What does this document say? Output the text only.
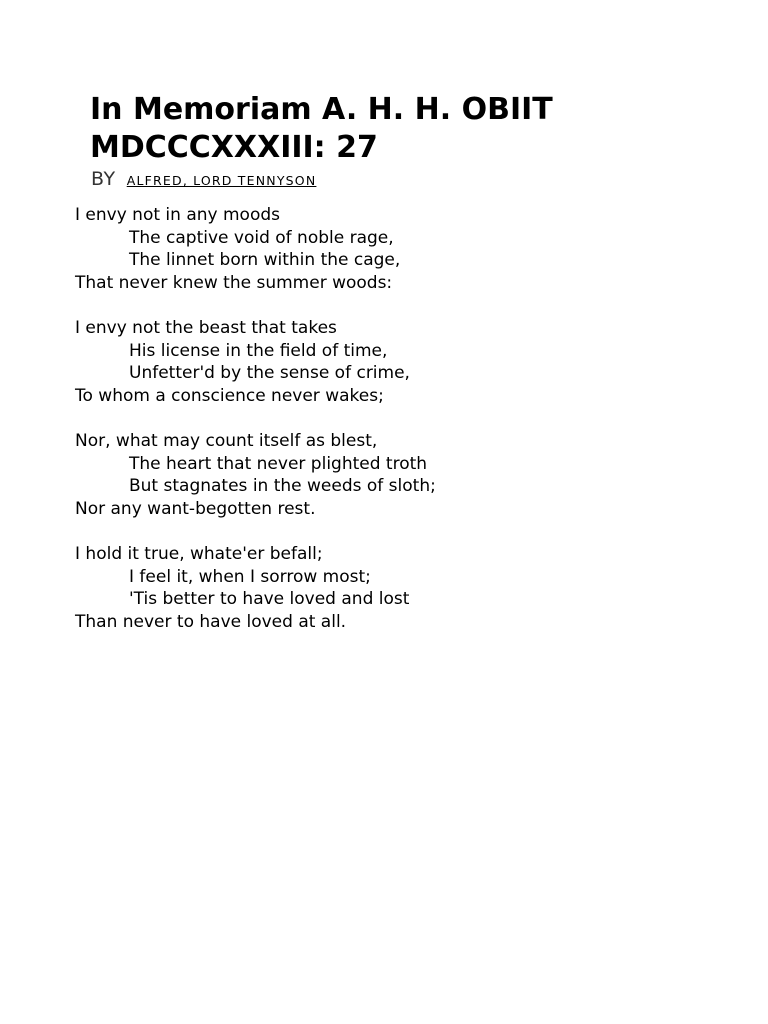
In Memoriam A. H. H. OBIIT
MDCCCXXXIII: 27
BY ALFRED, LORD TENNYSON
I envy not in any moods
The captive void of noble rage,
The linnet born within the cage,
That never knew the summer woods:
I envy not the beast that takes
His license in the field of time,
Unfetter'd by the sense of crime,
To whom a conscience never wakes;
Nor, what may count itself as blest,
The heart that never plighted troth
But stagnates in the weeds of sloth;
Nor any want-begotten rest.
I hold it true, whate'er befall;
I feel it, when I sorrow most;
'Tis better to have loved and lost
Than never to have loved at all.
